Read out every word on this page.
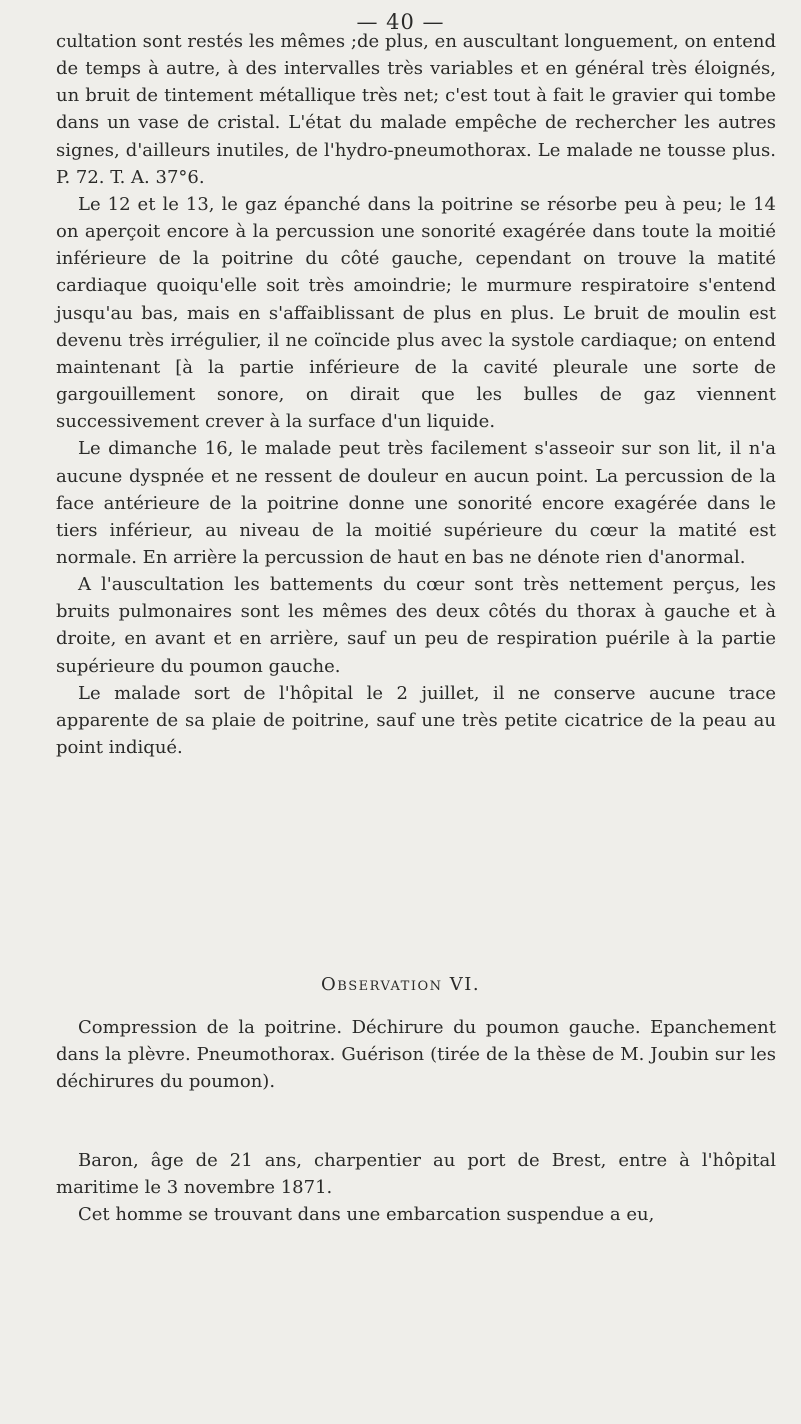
— 40 —

cultation sont restés les mêmes ;de plus, en auscultant longuement, on entend de temps à autre, à des intervalles très variables et en général très éloignés, un bruit de tintement métallique très net; c'est tout à fait le gravier qui tombe dans un vase de cristal. L'état du malade empêche de rechercher les autres signes, d'ailleurs inutiles, de l'hydro-pneumothorax. Le malade ne tousse plus. P. 72. T. A. 37°6.

Le 12 et le 13, le gaz épanché dans la poitrine se résorbe peu à peu; le 14 on aperçoit encore à la percussion une sonorité exagérée dans toute la moitié inférieure de la poitrine du côté gauche, cependant on trouve la matité cardiaque quoiqu'elle soit très amoindrie; le murmure respiratoire s'entend jusqu'au bas, mais en s'affaiblissant de plus en plus. Le bruit de moulin est devenu très irrégulier, il ne coïncide plus avec la systole cardiaque; on entend maintenant [à la partie inférieure de la cavité pleurale une sorte de gargouillement sonore, on dirait que les bulles de gaz viennent successivement crever à la surface d'un liquide.

Le dimanche 16, le malade peut très facilement s'asseoir sur son lit, il n'a aucune dyspnée et ne ressent de douleur en aucun point. La percussion de la face antérieure de la poitrine donne une sonorité encore exagérée dans le tiers inférieur, au niveau de la moitié supérieure du cœur la matité est normale. En arrière la percussion de haut en bas ne dénote rien d'anormal.

A l'auscultation les battements du cœur sont très nettement perçus, les bruits pulmonaires sont les mêmes des deux côtés du thorax à gauche et à droite, en avant et en arrière, sauf un peu de respiration puérile à la partie supérieure du poumon gauche.

Le malade sort de l'hôpital le 2 juillet, il ne conserve aucune trace apparente de sa plaie de poitrine, sauf une très petite cicatrice de la peau au point indiqué.

Observation VI.

Compression de la poitrine. Déchirure du poumon gauche. Epanchement dans la plèvre. Pneumothorax. Guérison (tirée de la thèse de M. Joubin sur les déchirures du poumon).

Baron, âge de 21 ans, charpentier au port de Brest, entre à l'hôpital maritime le 3 novembre 1871.

Cet homme se trouvant dans une embarcation suspendue a eu,
